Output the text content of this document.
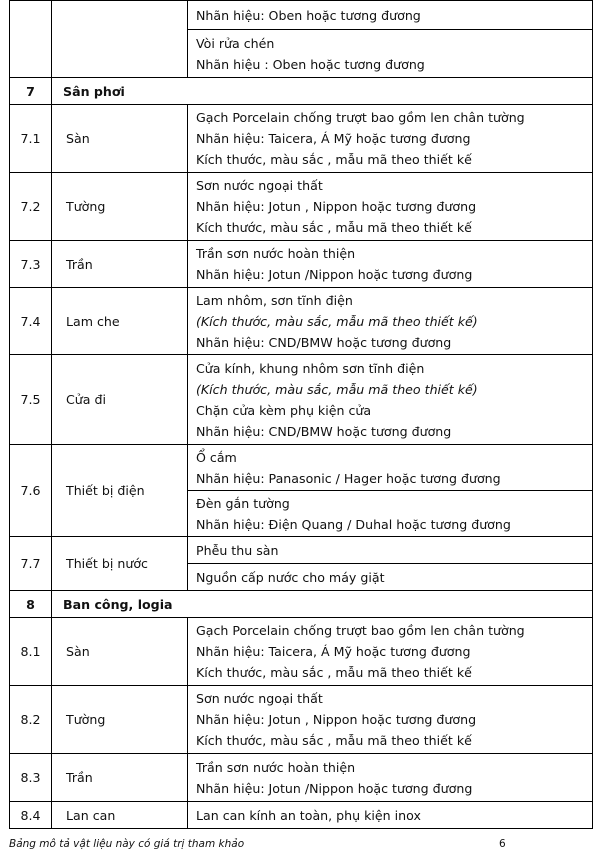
		Nhãn hiệu: Oben hoặc tương đương

		Vòi rửa chén
Nhãn hiệu : Oben hoặc tương đương

7	Sân phơi	
7.1	Sàn	Gạch Porcelain chống trượt bao gồm len chân tường
Nhãn hiệu: Taicera, Á Mỹ hoặc tương đương
Kích thước, màu sắc , mẫu mã theo thiết kế

7.2	Tường	Sơn nước ngoại thất
Nhãn hiệu: Jotun , Nippon hoặc tương đương
Kích thước, màu sắc , mẫu mã theo thiết kế

7.3	Trần	Trần sơn nước hoàn thiện
Nhãn hiệu: Jotun /Nippon hoặc tương đương

7.4	Lam che	Lam nhôm, sơn tĩnh điện
(Kích thước, màu sắc, mẫu mã theo thiết kế)
Nhãn hiệu: CND/BMW hoặc tương đương

7.5	Cửa đi	Cửa kính, khung nhôm sơn tĩnh điện
(Kích thước, màu sắc, mẫu mã theo thiết kế)
Chặn cửa kèm phụ kiện cửa
Nhãn hiệu: CND/BMW hoặc tương đương

7.6	Thiết bị điện	Ổ cắm
Nhãn hiệu: Panasonic / Hager hoặc tương đương

		Đèn gắn tường
Nhãn hiệu: Điện Quang / Duhal hoặc tương đương

7.7	Thiết bị nước	Phễu thu sàn

		Nguồn cấp nước cho máy giặt

8	Ban công, logia	
8.1	Sàn	Gạch Porcelain chống trượt bao gồm len chân tường
Nhãn hiệu: Taicera, Á Mỹ hoặc tương đương
Kích thước, màu sắc , mẫu mã theo thiết kế

8.2	Tường	Sơn nước ngoại thất
Nhãn hiệu: Jotun , Nippon hoặc tương đương
Kích thước, màu sắc , mẫu mã theo thiết kế

8.3	Trần	Trần sơn nước hoàn thiện
Nhãn hiệu: Jotun /Nippon hoặc tương đương

8.4	Lan can	Lan can kính an toàn, phụ kiện inox
Bảng mô tả vật liệu này có giá trị tham khảo	6
